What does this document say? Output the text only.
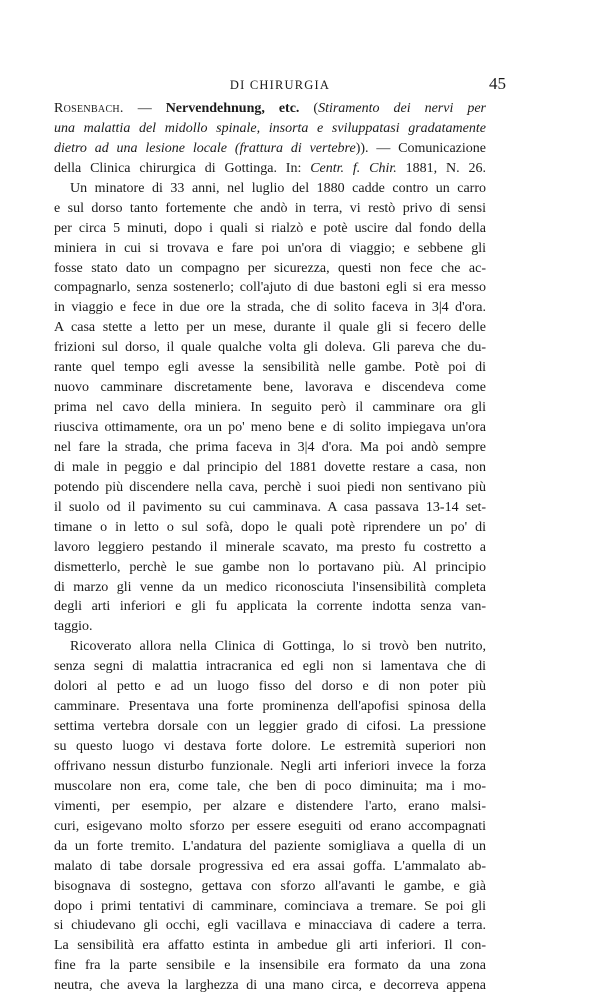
DI CHIRURGIA	45
Rosenbach. — Nervendehnung, etc. (Stiramento dei nervi per
una malattia del midollo spinale, insorta e sviluppatasi gradatamente
dietro ad una lesione locale (frattura di vertebre)). — Comunicazione
della Clinica chirurgica di Gottinga. In: Centr. f. Chir. 1881, N. 26.
Un minatore di 33 anni, nel luglio del 1880 cadde contro un carro
e sul dorso tanto fortemente che andò in terra, vi restò privo di sensi
per circa 5 minuti, dopo i quali si rialzò e potè uscire dal fondo della
miniera in cui si trovava e fare poi un'ora di viaggio; e sebbene gli
fosse stato dato un compagno per sicurezza, questi non fece che ac-
compagnarlo, senza sostenerlo; coll'ajuto di due bastoni egli si era messo
in viaggio e fece in due ore la strada, che di solito faceva in 3|4 d'ora.
A casa stette a letto per un mese, durante il quale gli si fecero delle
frizioni sul dorso, il quale qualche volta gli doleva. Gli pareva che du-
rante quel tempo egli avesse la sensibilità nelle gambe. Potè poi di
nuovo camminare discretamente bene, lavorava e discendeva come
prima nel cavo della miniera. In seguito però il camminare ora gli
riusciva ottimamente, ora un po' meno bene e di solito impiegava un'ora
nel fare la strada, che prima faceva in 3|4 d'ora. Ma poi andò sempre
di male in peggio e dal principio del 1881 dovette restare a casa, non
potendo più discendere nella cava, perchè i suoi piedi non sentivano più
il suolo od il pavimento su cui camminava. A casa passava 13-14 set-
timane o in letto o sul sofà, dopo le quali potè riprendere un po' di
lavoro leggiero pestando il minerale scavato, ma presto fu costretto a
dismetterlo, perchè le sue gambe non lo portavano più. Al principio
di marzo gli venne da un medico riconosciuta l'insensibilità completa
degli arti inferiori e gli fu applicata la corrente indotta senza van-
taggio.
Ricoverato allora nella Clinica di Gottinga, lo si trovò ben nutrito,
senza segni di malattia intracranica ed egli non si lamentava che di
dolori al petto e ad un luogo fisso del dorso e di non poter più
camminare. Presentava una forte prominenza dell'apofisi spinosa della
settima vertebra dorsale con un leggier grado di cifosi. La pressione
su questo luogo vi destava forte dolore. Le estremità superiori non
offrivano nessun disturbo funzionale. Negli arti inferiori invece la forza
muscolare non era, come tale, che ben di poco diminuita; ma i mo-
vimenti, per esempio, per alzare e distendere l'arto, erano malsi-
curi, esigevano molto sforzo per essere eseguiti od erano accompagnati
da un forte tremito. L'andatura del paziente somigliava a quella di un
malato di tabe dorsale progressiva ed era assai goffa. L'ammalato ab-
bisognava di sostegno, gettava con sforzo all'avanti le gambe, e già
dopo i primi tentativi di camminare, cominciava a tremare. Se poi gli
si chiudevano gli occhi, egli vacillava e minacciava di cadere a terra.
La sensibilità era affatto estinta in ambedue gli arti inferiori. Il con-
fine fra la parte sensibile e la insensibile era formato da una zona
neutra, che aveva la larghezza di una mano circa, e decorreva appena
